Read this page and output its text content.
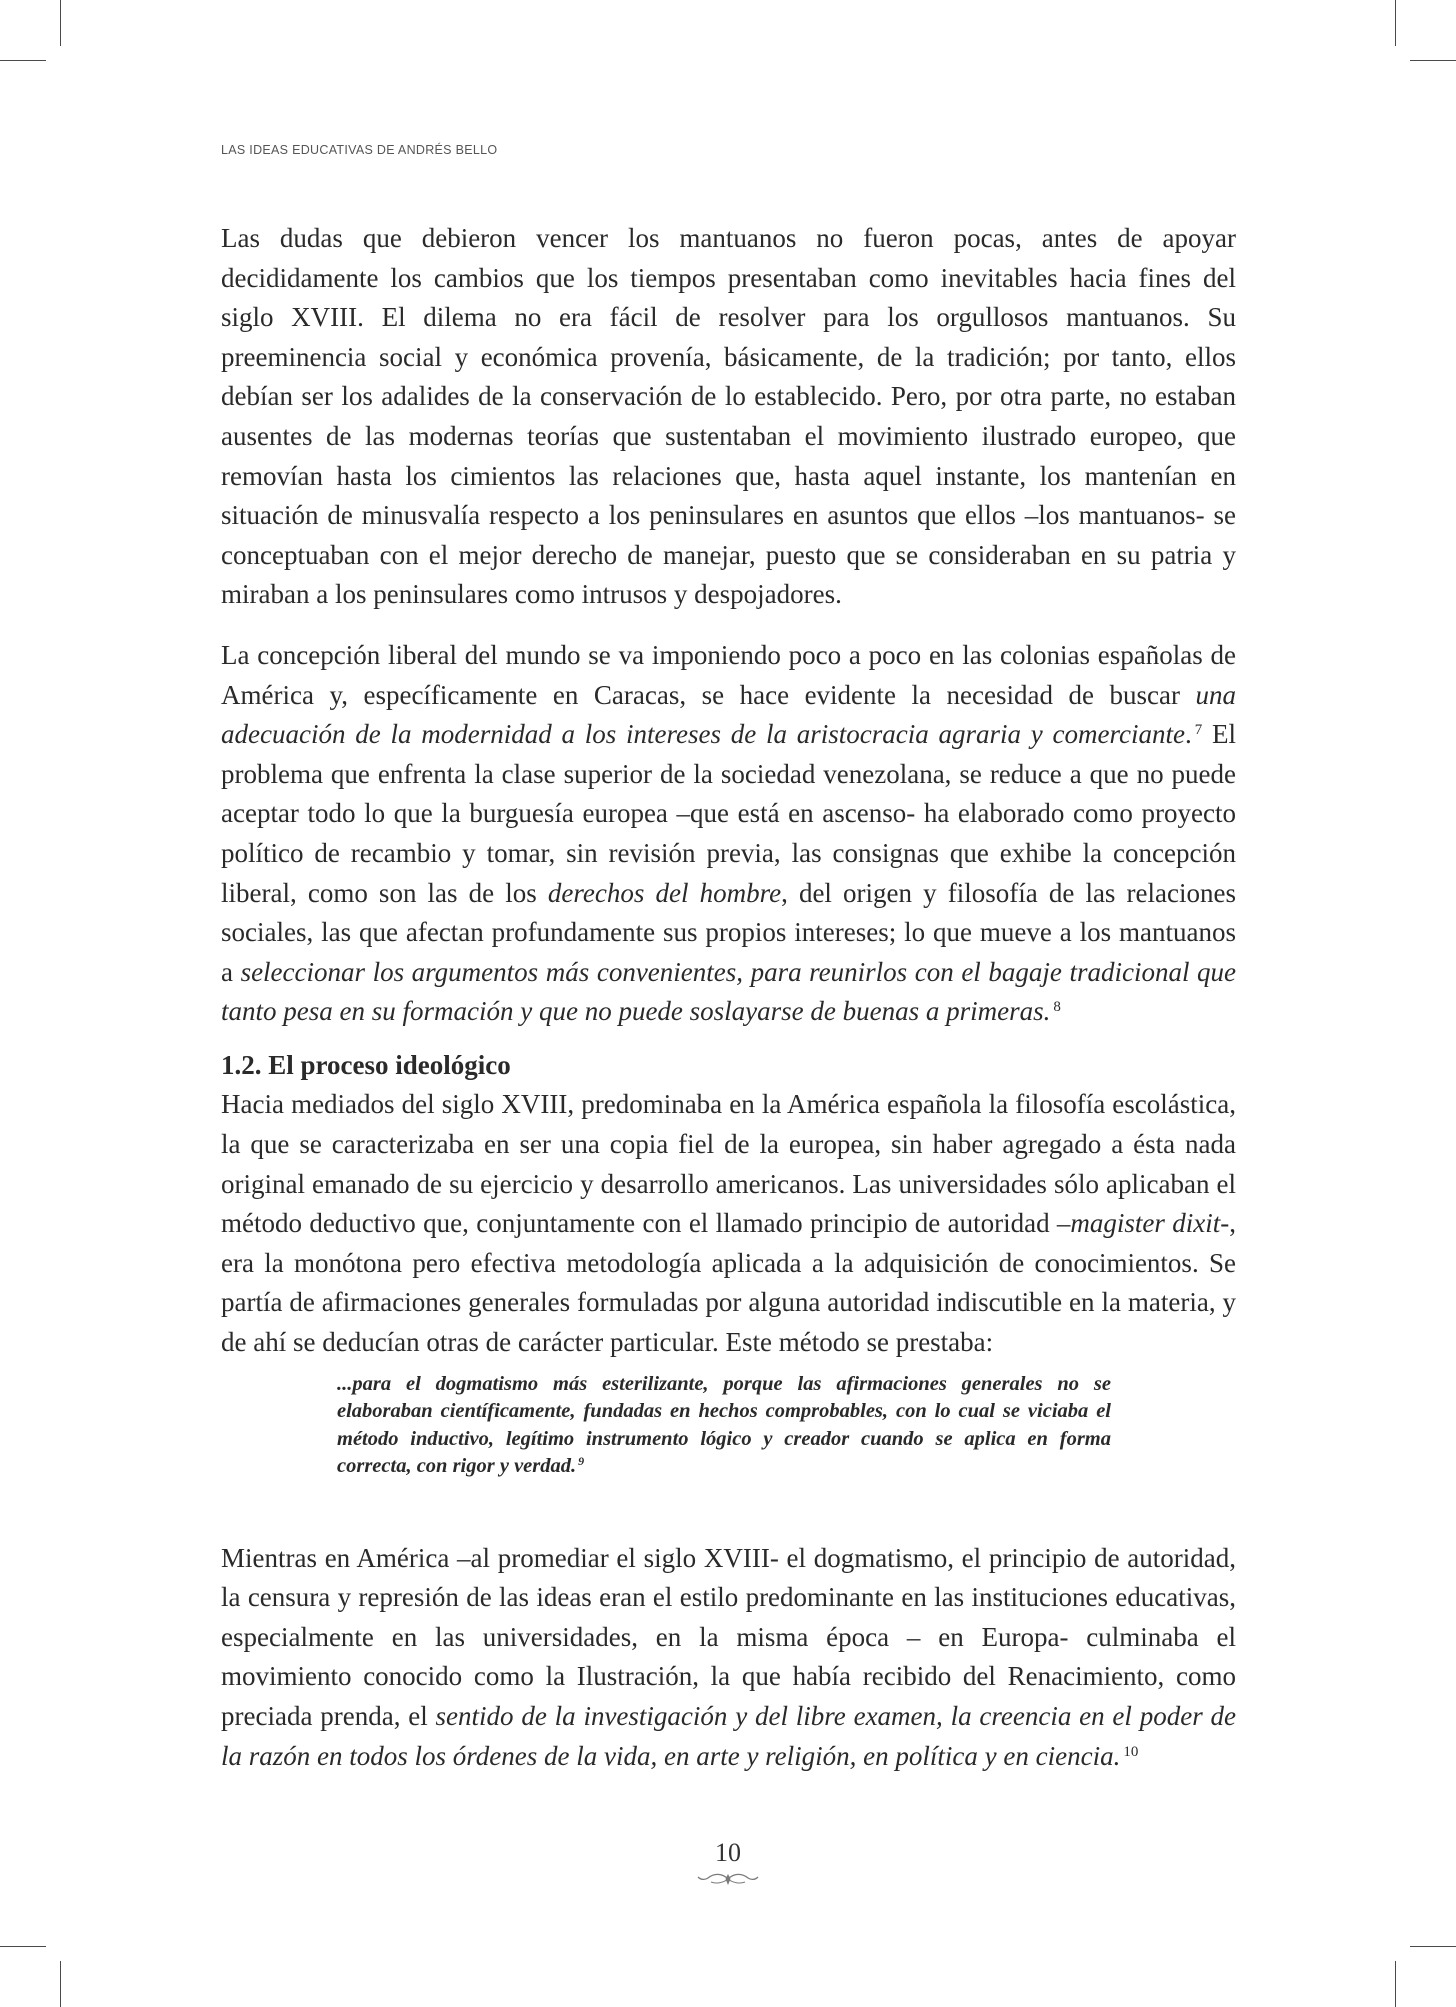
LAS IDEAS EDUCATIVAS DE ANDRÉS BELLO

Las dudas que debieron vencer los mantuanos no fueron pocas, antes de apoyar decididamente los cambios que los tiempos presentaban como inevitables hacia fines del siglo XVIII. El dilema no era fácil de resolver para los orgullosos mantuanos. Su preeminencia social y económica provenía, básicamente, de la tradición; por tanto, ellos debían ser los adalides de la conservación de lo establecido. Pero, por otra parte, no estaban ausentes de las modernas teorías que sustentaban el movimiento ilustrado europeo, que removían hasta los cimientos las relaciones que, hasta aquel instante, los mantenían en situación de minusvalía respecto a los peninsulares en asuntos que ellos –los mantuanos- se conceptuaban con el mejor derecho de manejar, puesto que se consideraban en su patria y miraban a los peninsulares como intrusos y despojadores.

La concepción liberal del mundo se va imponiendo poco a poco en las colonias españolas de América y, específicamente en Caracas, se hace evidente la necesidad de buscar una adecuación de la modernidad a los intereses de la aristocracia agraria y comerciante. $^7$ El problema que enfrenta la clase superior de la sociedad venezolana, se reduce a que no puede aceptar todo lo que la burguesía europea –que está en ascenso- ha elaborado como proyecto político de recambio y tomar, sin revisión previa, las consignas que exhibe la concepción liberal, como son las de los derechos del hombre, del origen y filosofía de las relaciones sociales, las que afectan profundamente sus propios intereses; lo que mueve a los mantuanos a seleccionar los argumentos más convenientes, para reunirlos con el bagaje tradicional que tanto pesa en su formación y que no puede soslayarse de buenas a primeras. $^8$

1.2. El proceso ideológico

Hacia mediados del siglo XVIII, predominaba en la América española la filosofía escolástica, la que se caracterizaba en ser una copia fiel de la europea, sin haber agregado a ésta nada original emanado de su ejercicio y desarrollo americanos. Las universidades sólo aplicaban el método deductivo que, conjuntamente con el llamado principio de autoridad –magister dixit-, era la monótona pero efectiva metodología aplicada a la adquisición de conocimientos. Se partía de afirmaciones generales formuladas por alguna autoridad indiscutible en la materia, y de ahí se deducían otras de carácter particular. Este método se prestaba:

...para el dogmatismo más esterilizante, porque las afirmaciones generales no se elaboraban científicamente, fundadas en hechos comprobables, con lo cual se viciaba el método inductivo, legítimo instrumento lógico y creador cuando se aplica en forma correcta, con rigor y verdad. $^9$

Mientras en América –al promediar el siglo XVIII- el dogmatismo, el principio de autoridad, la censura y represión de las ideas eran el estilo predominante en las instituciones educativas, especialmente en las universidades, en la misma época – en Europa- culminaba el movimiento conocido como la Ilustración, la que había recibido del Renacimiento, como preciada prenda, el sentido de la investigación y del libre examen, la creencia en el poder de la razón en todos los órdenes de la vida, en arte y religión, en política y en ciencia. $^{10}$

10
